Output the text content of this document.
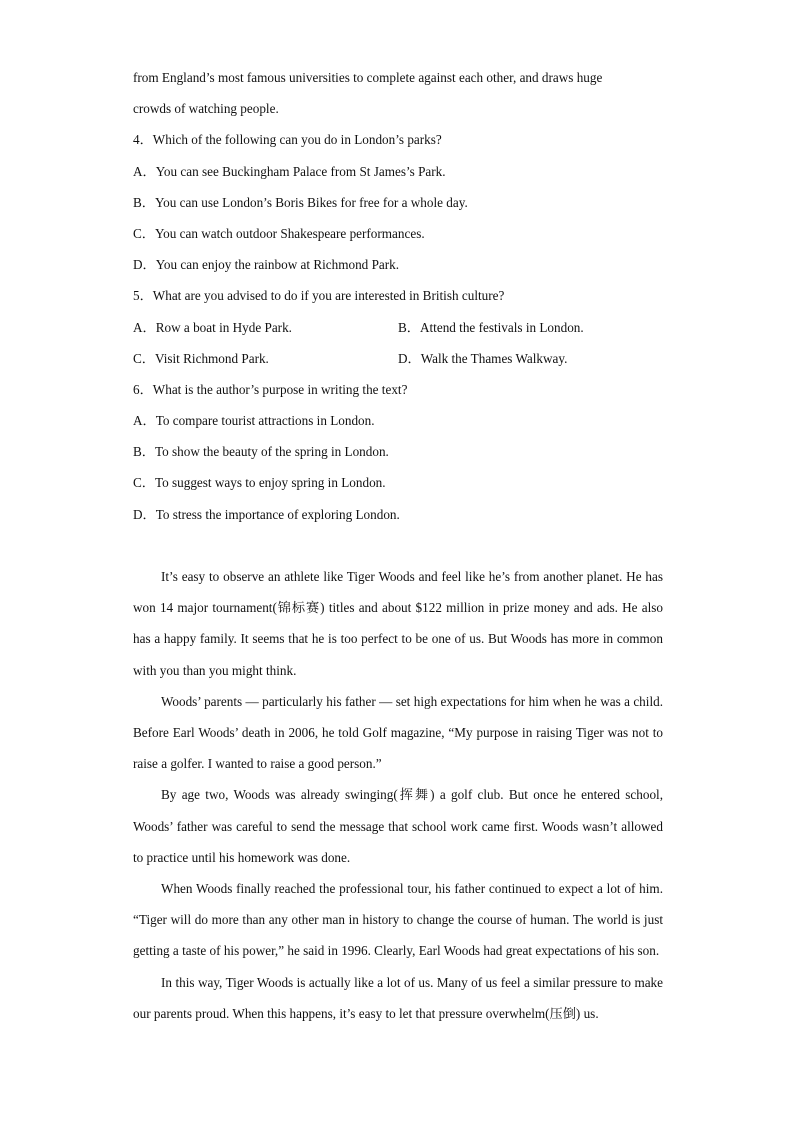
from England’s most famous universities to complete against each other, and draws huge
crowds of watching people.
4．Which of the following can you do in London’s parks?
A．You can see Buckingham Palace from St James’s Park.
B．You can use London’s Boris Bikes for free for a whole day.
C．You can watch outdoor Shakespeare performances.
D．You can enjoy the rainbow at Richmond Park.
5．What are you advised to do if you are interested in British culture?
A．Row a boat in Hyde Park.	B．Attend the festivals in London.
C．Visit Richmond Park.	D．Walk the Thames Walkway.
6．What is the author’s purpose in writing the text?
A．To compare tourist attractions in London.
B．To show the beauty of the spring in London.
C．To suggest ways to enjoy spring in London.
D．To stress the importance of exploring London.

It’s easy to observe an athlete like Tiger Woods and feel like he’s from another planet. He has won 14 major tournament(锦标赛) titles and about $122 million in prize money and ads. He also has a happy family. It seems that he is too perfect to be one of us. But Woods has more in common with you than you might think.

Woods’ parents — particularly his father — set high expectations for him when he was a child. Before Earl Woods’ death in 2006, he told Golf magazine, “My purpose in raising Tiger was not to raise a golfer. I wanted to raise a good person.”

By age two, Woods was already swinging(挥舞) a golf club. But once he entered school, Woods’ father was careful to send the message that school work came first. Woods wasn’t allowed to practice until his homework was done.

When Woods finally reached the professional tour, his father continued to expect a lot of him. “Tiger will do more than any other man in history to change the course of human. The world is just getting a taste of his power,” he said in 1996. Clearly, Earl Woods had great expectations of his son.

In this way, Tiger Woods is actually like a lot of us. Many of us feel a similar pressure to make our parents proud. When this happens, it’s easy to let that pressure overwhelm(压倒) us.
